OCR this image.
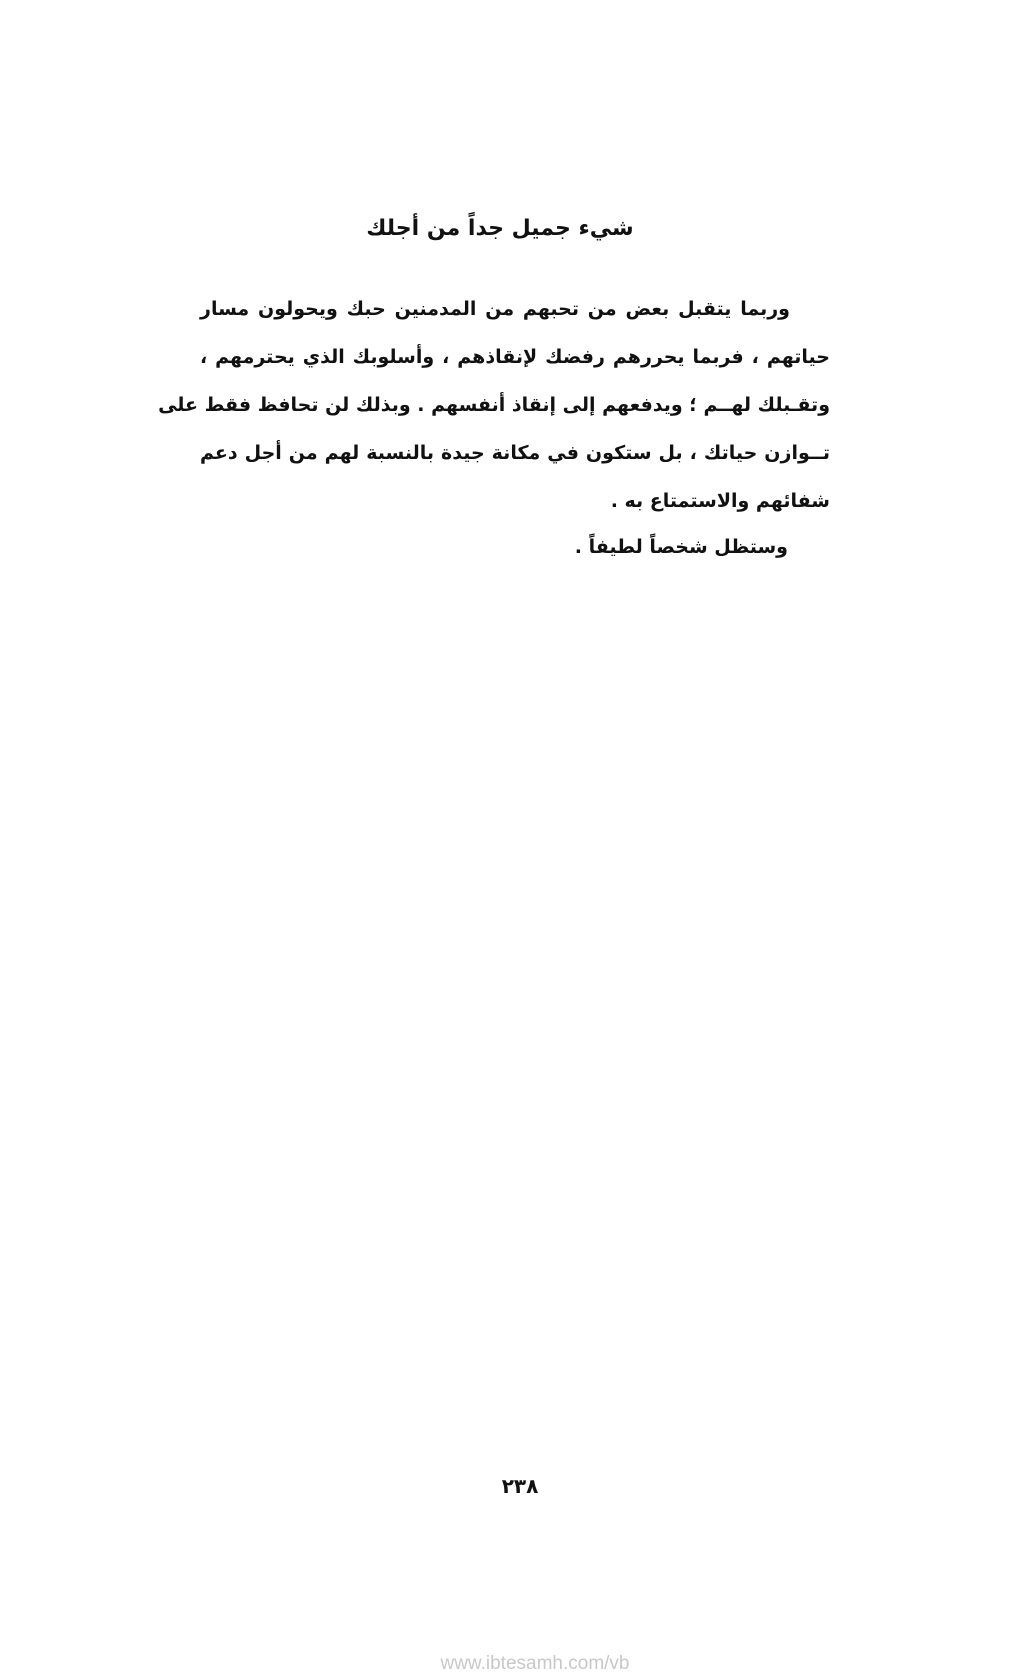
شيء جميل جداً من أجلك
وربما يتقبل بعض من تحبهم من المدمنين حبك ويحولون مسار
حياتهم ، فربما يحررهم رفضك لإنقاذهم ، وأسلوبك الذي يحترمهم ،
وتقـبلك لهــم ؛ ويدفعهم إلى إنقاذ أنفسهم . وبذلك لن تحافظ فقط على
تــوازن حياتك ، بل ستكون في مكانة جيدة بالنسبة لهم من أجل دعم
شفائهم والاستمتاع به .
وستظل شخصاً لطيفاً .
٢٣٨
www.ibtesamh.com/vb
